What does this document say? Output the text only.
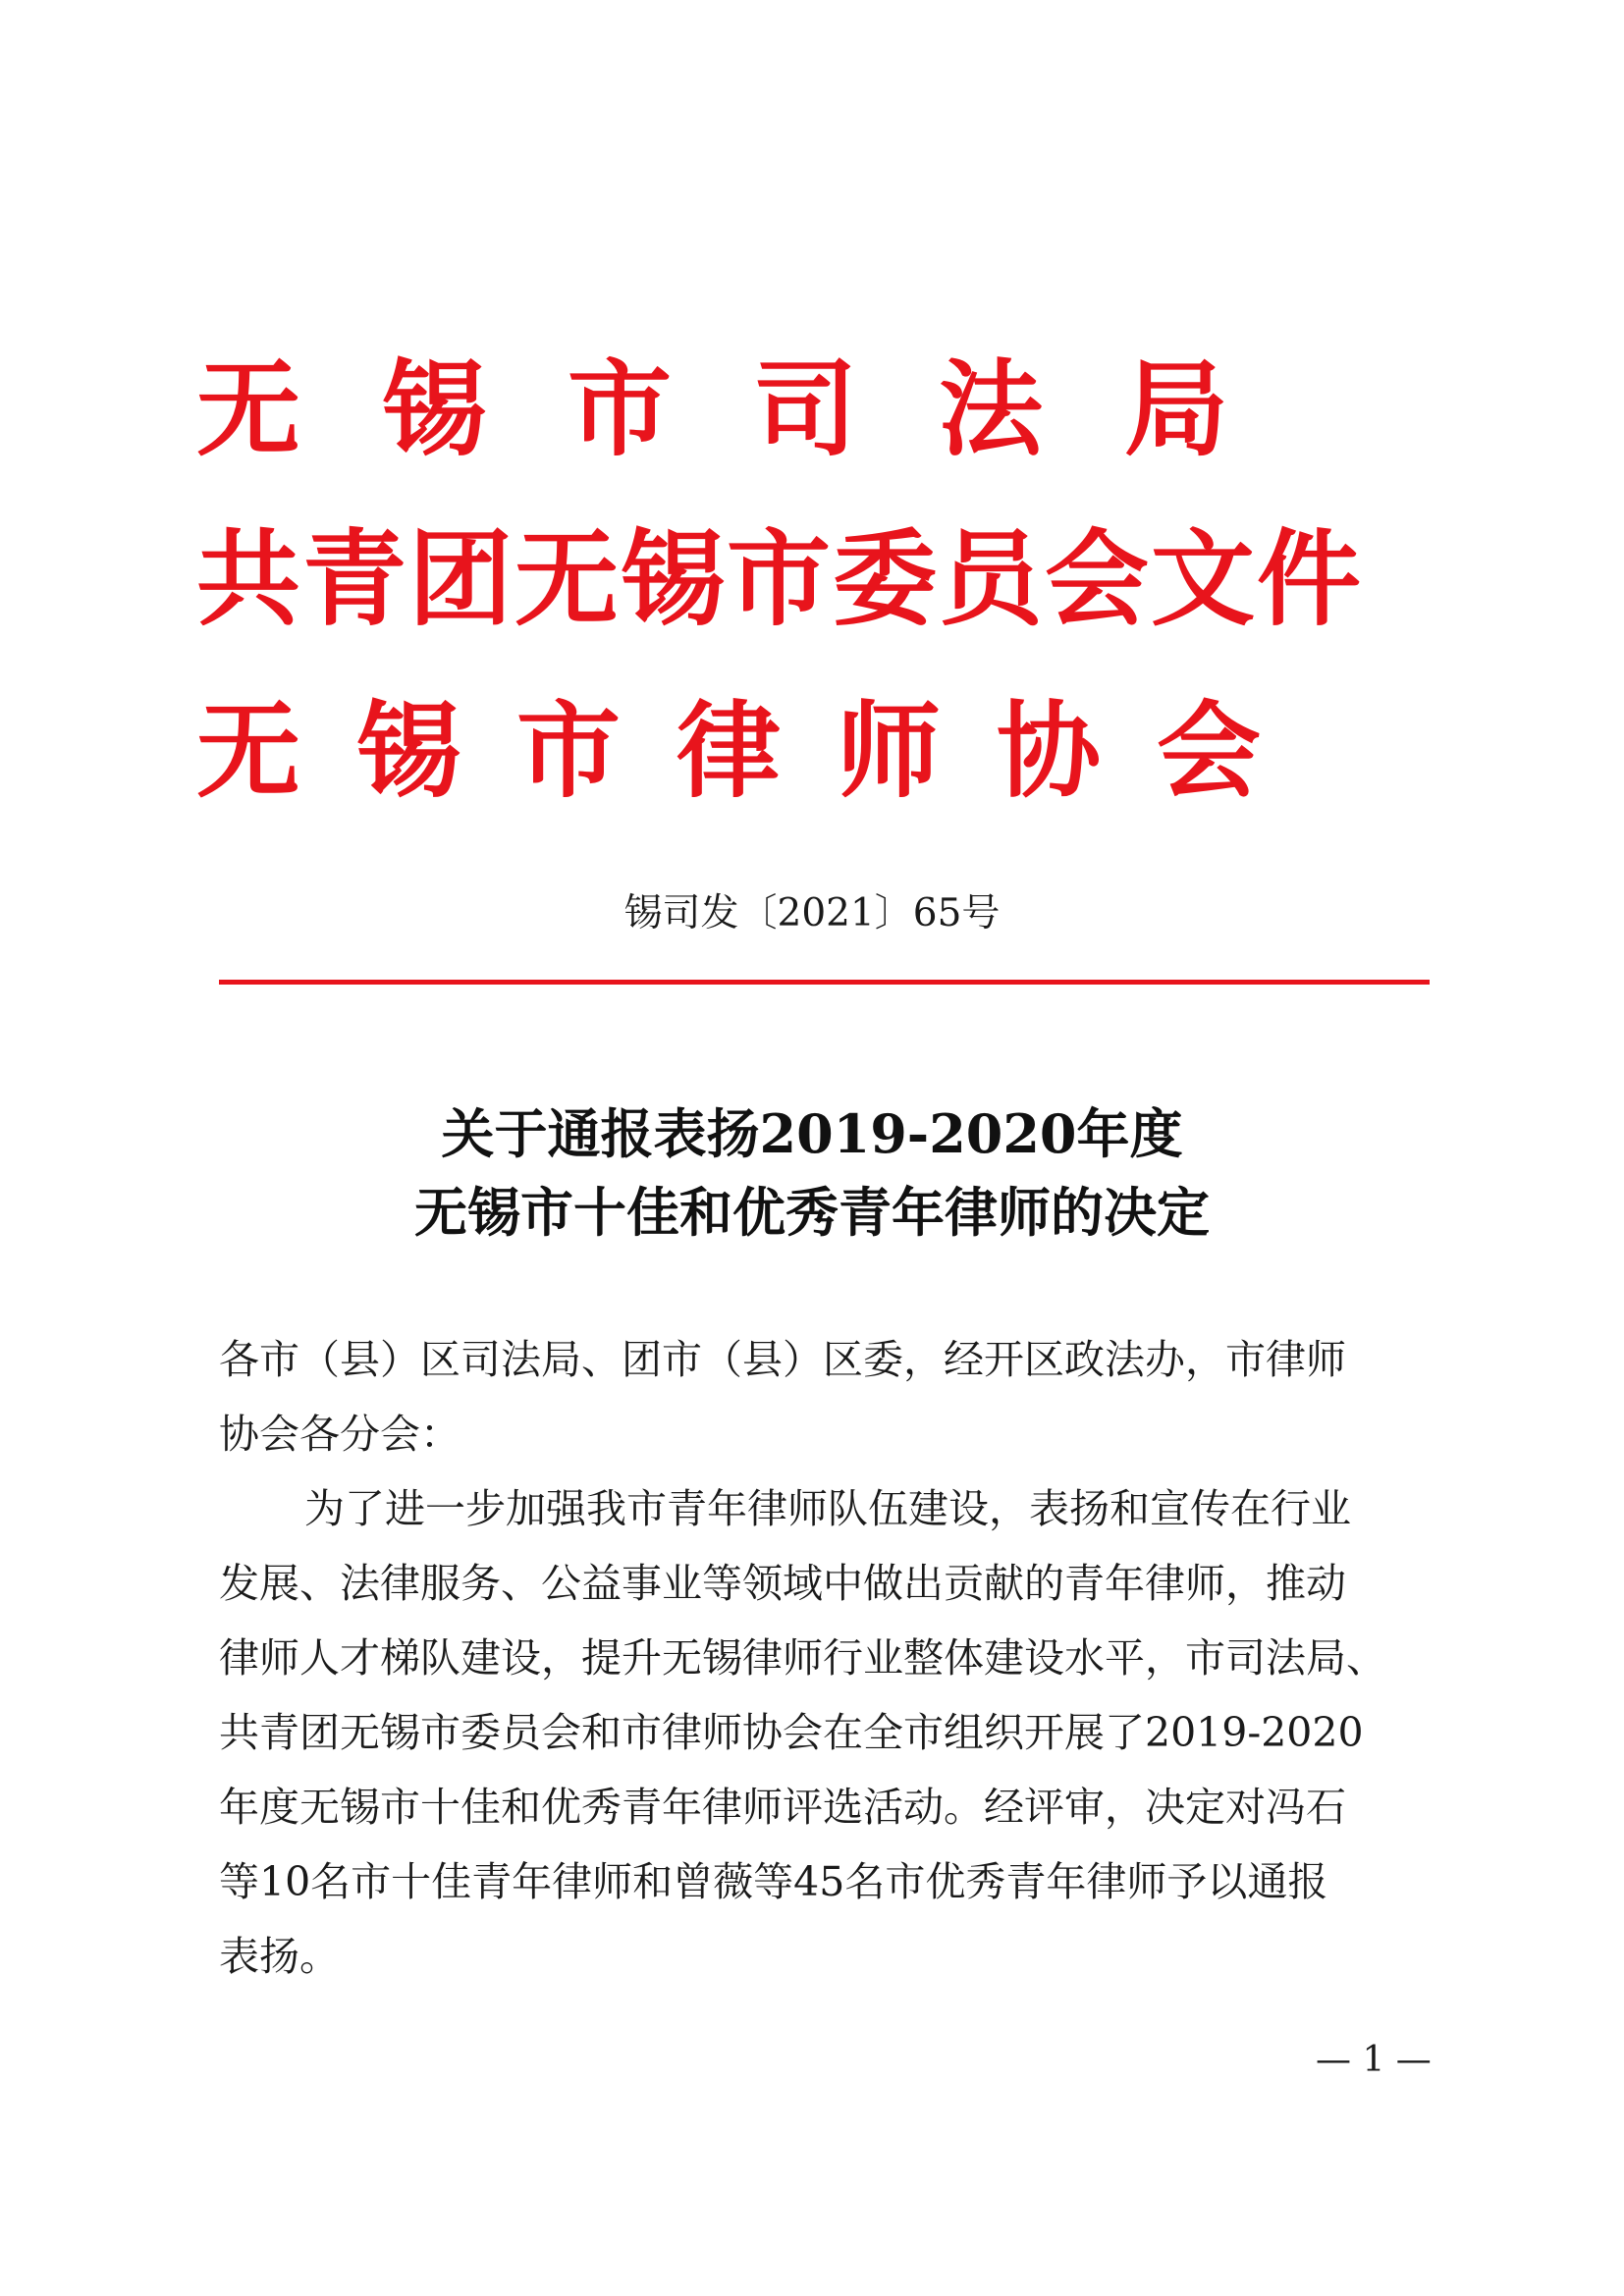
无锡市司法局
共青团无锡市委员会文件
无锡市律师协会
锡司发〔2021〕65号
关于通报表扬2019-2020年度
无锡市十佳和优秀青年律师的决定
各市（县）区司法局、团市（县）区委，经开区政法办，市律师
协会各分会：
为了进一步加强我市青年律师队伍建设，表扬和宣传在行业
发展、法律服务、公益事业等领域中做出贡献的青年律师，推动
律师人才梯队建设，提升无锡律师行业整体建设水平，市司法局、
共青团无锡市委员会和市律师协会在全市组织开展了2019-2020
年度无锡市十佳和优秀青年律师评选活动。经评审，决定对冯石
等10名市十佳青年律师和曾薇等45名市优秀青年律师予以通报
表扬。
— 1 —
